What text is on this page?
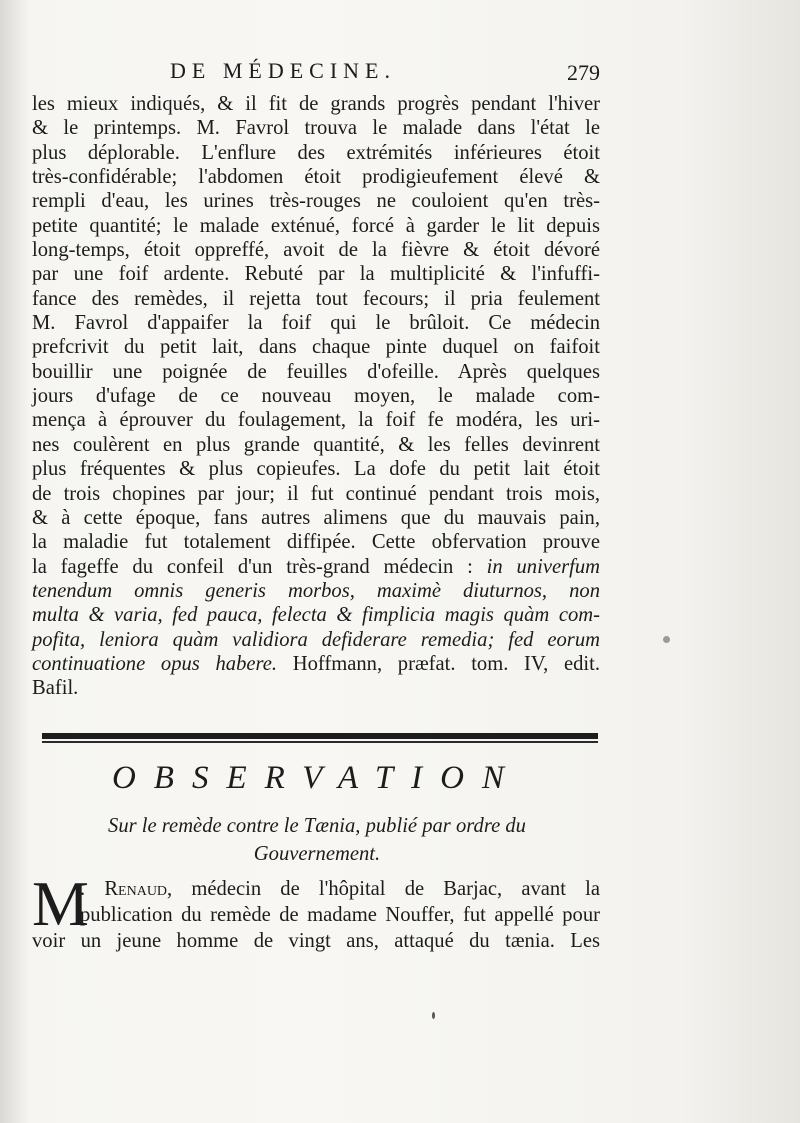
DE MÉDECINE.	279
les mieux indiqués, & il fit de grands progrès pendant l'hiver
& le printemps. M. Favrol trouva le malade dans l'état le
plus déplorable. L'enflure des extrémités inférieures étoit
très-confidérable; l'abdomen étoit prodigieufement élevé &
rempli d'eau, les urines très-rouges ne couloient qu'en très-
petite quantité; le malade exténué, forcé à garder le lit depuis
long-temps, étoit oppreffé, avoit de la fièvre & étoit dévoré
par une foif ardente. Rebuté par la multiplicité & l'infuffi-
fance des remèdes, il rejetta tout fecours; il pria feulement
M. Favrol d'appaifer la foif qui le brûloit. Ce médecin
prefcrivit du petit lait, dans chaque pinte duquel on faifoit
bouillir une poignée de feuilles d'ofeille. Après quelques
jours d'ufage de ce nouveau moyen, le malade com-
mença à éprouver du foulagement, la foif fe modéra, les uri-
nes coulèrent en plus grande quantité, & les felles devinrent
plus fréquentes & plus copieufes. La dofe du petit lait étoit
de trois chopines par jour; il fut continué pendant trois mois,
& à cette époque, fans autres alimens que du mauvais pain,
la maladie fut totalement diffipée. Cette obfervation prouve
la fageffe du confeil d'un très-grand médecin : in univerfum
tenendum omnis generis morbos, maximè diuturnos, non
multa & varia, fed pauca, felecta & fimplicia magis quàm com-
pofita, leniora quàm validiora defiderare remedia; fed eorum
continuatione opus habere. Hoffmann, præfat. tom. IV, edit.
Bafil.
OBSERVATION
Sur le remède contre le Tænia, publié par ordre du
Gouvernement.
M
. Renaud, médecin de l'hôpital de Barjac, avant la
publication du remède de madame Nouffer, fut appellé pour
voir un jeune homme de vingt ans, attaqué du tænia. Les
